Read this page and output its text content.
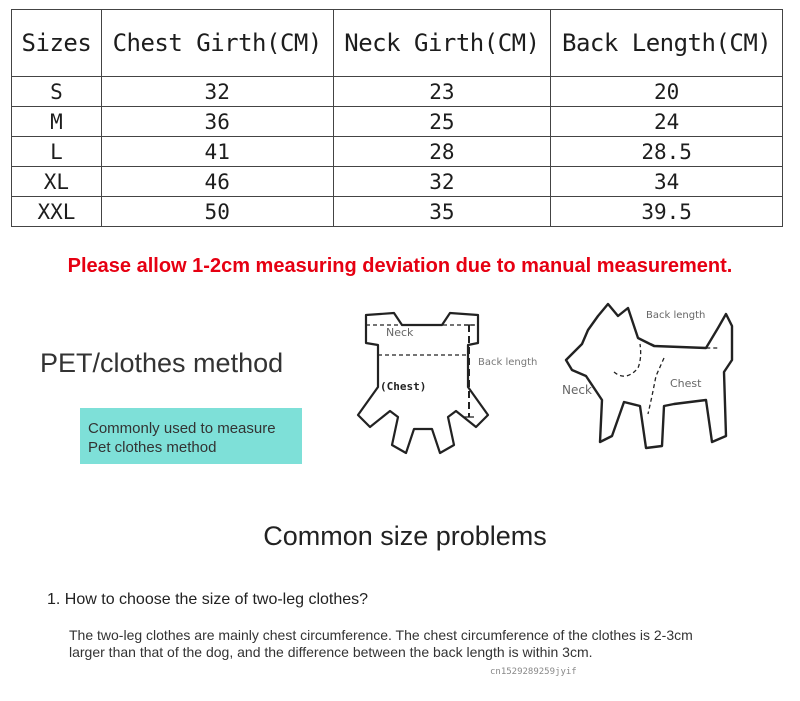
Sizes	Chest Girth(CM)	Neck Girth(CM)	Back Length(CM)
S	32	23	20
M	36	25	24
L	41	28	28.5
XL	46	32	34
XXL	50	35	39.5
Please allow 1-2cm measuring deviation due to manual measurement.
PET/clothes method
Commonly used to measure
Pet clothes method
Neck
(Chest)
Back length
Back length
Neck	Chest
Common size problems
1. How to choose the size of two-leg clothes?
The two-leg clothes are mainly chest circumference. The chest circumference of the clothes is 2-3cm larger than that of the dog, and the difference between the back length is within 3cm.
cn1529289259jyif
